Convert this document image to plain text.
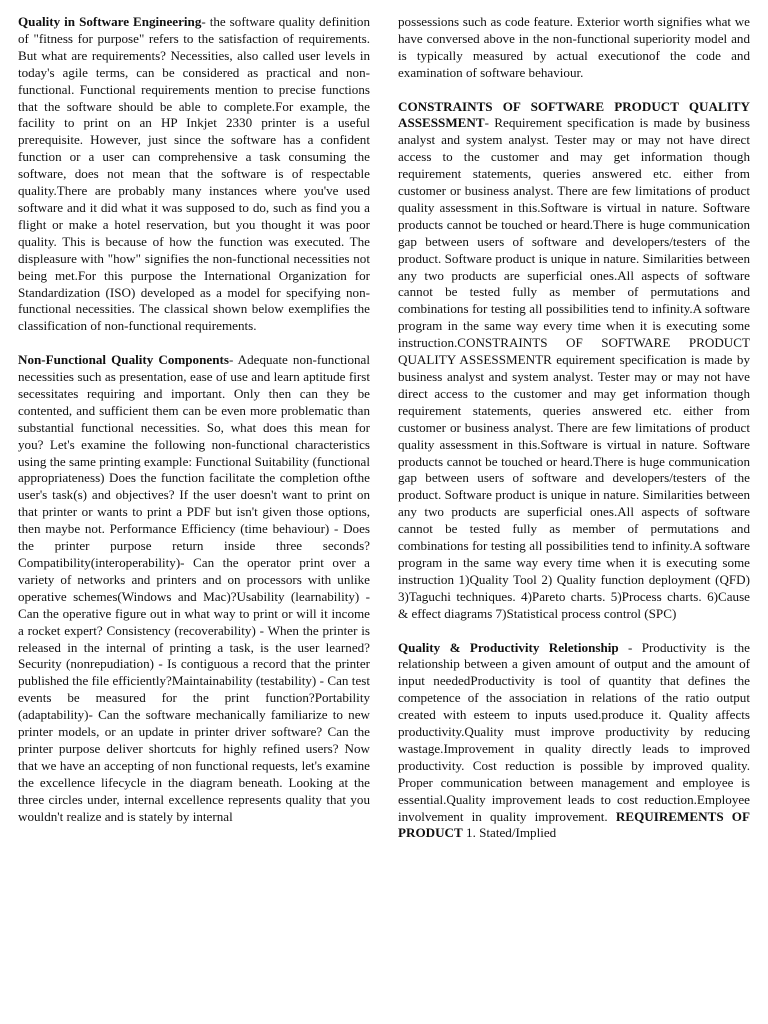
Quality in Software Engineering- the software quality definition of "fitness for purpose" refers to the satisfaction of requirements. But what are requirements? Necessities, also called user levels in today's agile terms, can be considered as practical and non-functional. Functional requirements mention to precise functions that the software should be able to complete.For example, the facility to print on an HP Inkjet 2330 printer is a useful prerequisite. However, just since the software has a confident function or a user can comprehensive a task consuming the software, does not mean that the software is of respectable quality.There are probably many instances where you've used software and it did what it was supposed to do, such as find you a flight or make a hotel reservation, but you thought it was poor quality. This is because of how the function was executed. The displeasure with "how" signifies the non-functional necessities not being met.For this purpose the International Organization for Standardization (ISO) developed as a model for specifying non-functional necessities. The classical shown below exemplifies the classification of non-functional requirements.

Non-Functional Quality Components- Adequate non-functional necessities such as presentation, ease of use and learn aptitude first secessitates requiring and important. Only then can they be contented, and sufficient them can be even more problematic than substantial functional necessities. So, what does this mean for you? Let's examine the following non-functional characteristics using the same printing example: Functional Suitability (functional appropriateness) Does the function facilitate the completion ofthe user's task(s) and objectives? If the user doesn't want to print on that printer or wants to print a PDF but isn't given those options, then maybe not. Performance Efficiency (time behaviour) - Does the printer purpose return inside three seconds?Compatibility(interoperability)- Can the operator print over a variety of networks and printers and on processors with unlike operative schemes(Windows and Mac)?Usability (learnability) - Can the operative figure out in what way to print or will it income a rocket expert? Consistency (recoverability) - When the printer is released in the internal of printing a task, is the user learned?Security (nonrepudiation) - Is contiguous a record that the printer published the file efficiently?Maintainability (testability) - Can test events be measured for the print function?Portability (adaptability)- Can the software mechanically familiarize to new printer models, or an update in printer driver software? Can the printer purpose deliver shortcuts for highly refined users? Now that we have an accepting of non functional requests, let's examine the excellence lifecycle in the diagram beneath. Looking at the three circles under, internal excellence represents quality that you wouldn't realize and is stately by internal

possessions such as code feature. Exterior worth signifies what we have conversed above in the non-functional superiority model and is typically measured by actual executionof the code and examination of software behaviour.

CONSTRAINTS OF SOFTWARE PRODUCT QUALITY ASSESSMENT- Requirement specification is made by business analyst and system analyst. Tester may or may not have direct access to the customer and may get information though requirement statements, queries answered etc. either from customer or business analyst. There are few limitations of product quality assessment in this.Software is virtual in nature. Software products cannot be touched or heard.There is huge communication gap between users of software and developers/testers of the product. Software product is unique in nature. Similarities between any two products are superficial ones.All aspects of software cannot be tested fully as member of permutations and combinations for testing all possibilities tend to infinity.A software program in the same way every time when it is executing some instruction.CONSTRAINTS OF SOFTWARE PRODUCT QUALITY ASSESSMENTR equirement specification is made by business analyst and system analyst. Tester may or may not have direct access to the customer and may get information though requirement statements, queries answered etc. either from customer or business analyst. There are few limitations of product quality assessment in this.Software is virtual in nature. Software products cannot be touched or heard.There is huge communication gap between users of software and developers/testers of the product. Software product is unique in nature. Similarities between any two products are superficial ones.All aspects of software cannot be tested fully as member of permutations and combinations for testing all possibilities tend to infinity.A software program in the same way every time when it is executing some instruction 1)Quality Tool 2) Quality function deployment (QFD) 3)Taguchi techniques. 4)Pareto charts. 5)Process charts. 6)Cause & effect diagrams 7)Statistical process control (SPC)

Quality & Productivity Reletionship - Productivity is the relationship between a given amount of output and the amount of input neededProductivity is tool of quantity that defines the competence of the association in relations of the ratio output created with esteem to inputs used.produce it. Quality affects productivity.Quality must improve productivity by reducing wastage.Improvement in quality directly leads to improved productivity. Cost reduction is possible by improved quality. Proper communication between management and employee is essential.Quality improvement leads to cost reduction.Employee involvement in quality improvement. REQUIREMENTS OF PRODUCT 1. Stated/Implied
